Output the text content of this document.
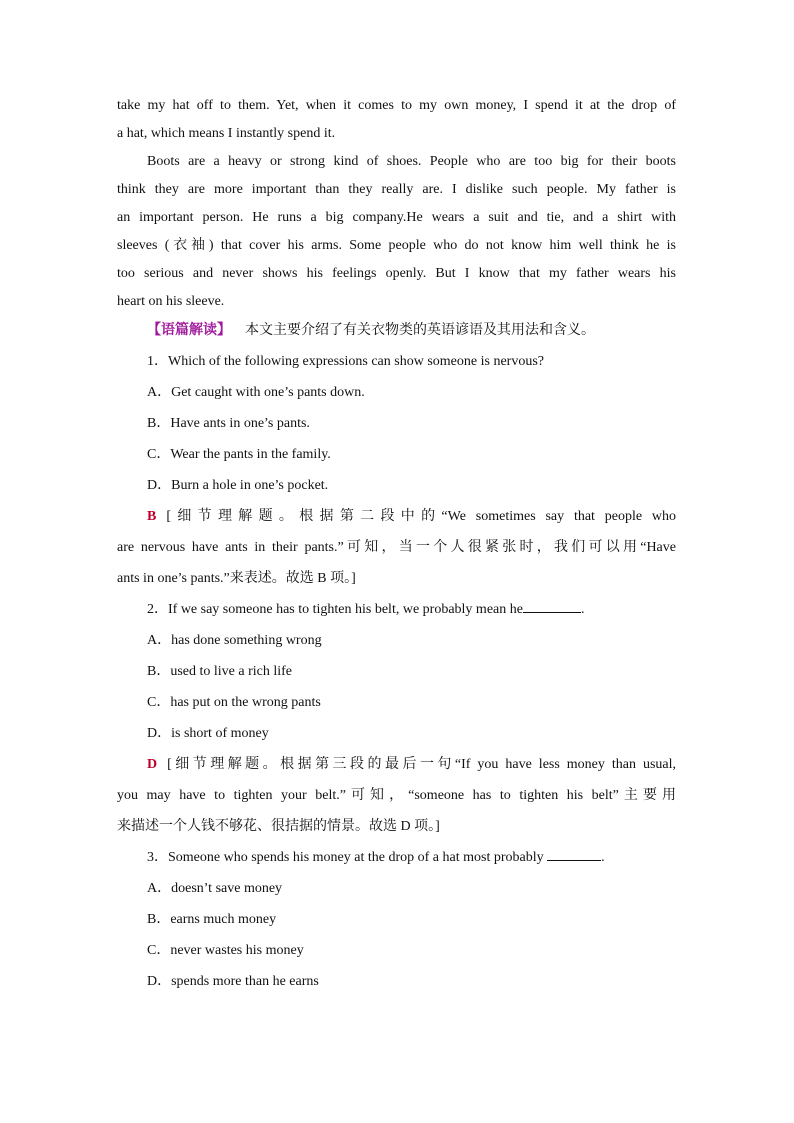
take my hat off to them. Yet, when it comes to my own money, I spend it at the drop of
a hat, which means I instantly spend it.
Boots are a heavy or strong kind of shoes. People who are too big for their boots
think they are more important than they really are. I dislike such people. My father is
an important person. He runs a big company.He wears a suit and tie, and a shirt with
sleeves (衣袖) that cover his arms. Some people who do not know him well think he is
too serious and never shows his feelings openly. But I know that my father wears his
heart on his sleeve.
【语篇解读】 本文主要介绍了有关衣物类的英语谚语及其用法和含义。
1．Which of the following expressions can show someone is nervous?
A．Get caught with one’s pants down.
B．Have ants in one’s pants.
C．Wear the pants in the family.
D．Burn a hole in one’s pocket.
B [细节理解题。根据第二段中的“We sometimes say that people who
are nervous have ants in their pants.”可知，当一个人很紧张时，我们可以用“Have
ants in one’s pants.”来表述。故选 B 项。]
2．If we say someone has to tighten his belt, we probably mean he	.
A．has done something wrong
B．used to live a rich life
C．has put on the wrong pants
D．is short of money
D [细节理解题。根据第三段的最后一句“If you have less money than usual,
you may have to tighten your belt.”可知，“someone has to tighten his belt”主要用
来描述一个人钱不够花、很拮据的情景。故选 D 项。]
3．Someone who spends his money at the drop of a hat most probably	.
A．doesn’t save money
B．earns much money
C．never wastes his money
D．spends more than he earns
